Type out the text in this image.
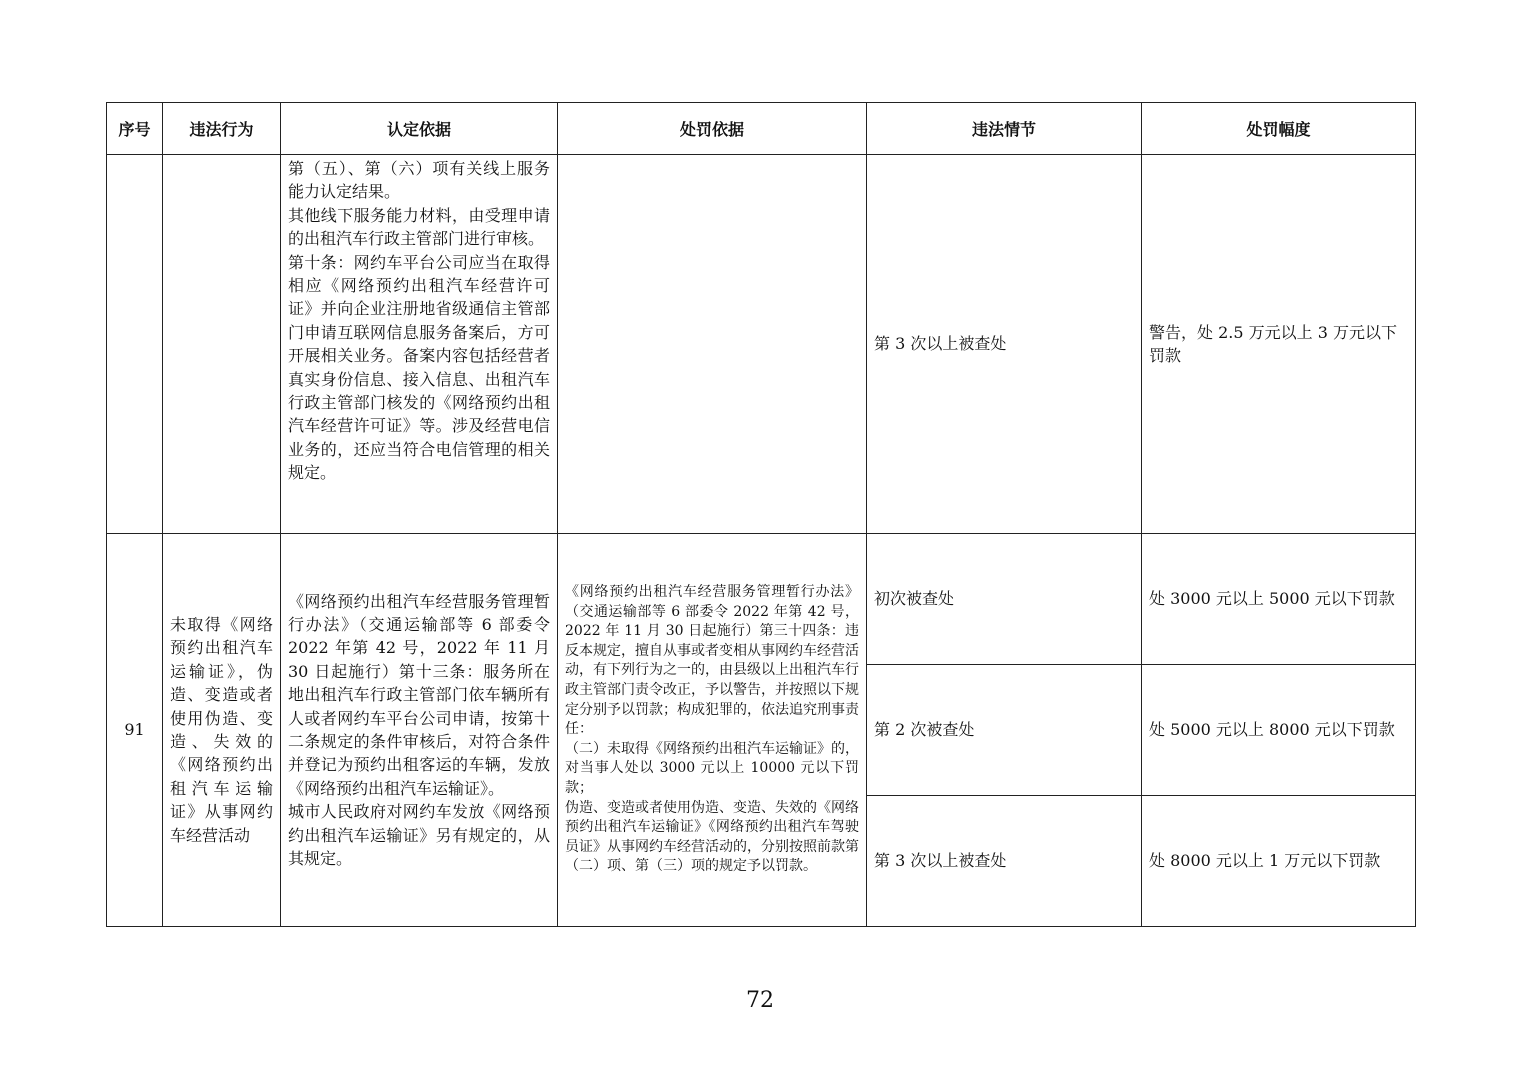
序号	违法行为	认定依据	处罚依据	违法情节	处罚幅度

		第（五）、第（六）项有关线上服务能力认定结果。
其他线下服务能力材料，由受理申请的出租汽车行政主管部门进行审核。
第十条：网约车平台公司应当在取得相应《网络预约出租汽车经营许可证》并向企业注册地省级通信主管部门申请互联网信息服务备案后，方可开展相关业务。备案内容包括经营者真实身份信息、接入信息、出租汽车行政主管部门核发的《网络预约出租汽车经营许可证》等。涉及经营电信业务的，还应当符合电信管理的相关规定。		第 3 次以上被查处	警告，处 2.5 万元以上 3 万元以下罚款
91	未取得《网络预约出租汽车运输证》，伪造、变造或者使用伪造、变造、失效的《网络预约出租汽车运输证》从事网约车经营活动	《网络预约出租汽车经营服务管理暂行办法》（交通运输部等 6 部委令 2022 年第 42 号，2022 年 11 月 30 日起施行）第十三条：服务所在地出租汽车行政主管部门依车辆所有人或者网约车平台公司申请，按第十二条规定的条件审核后，对符合条件并登记为预约出租客运的车辆，发放《网络预约出租汽车运输证》。
城市人民政府对网约车发放《网络预约出租汽车运输证》另有规定的，从其规定。	《网络预约出租汽车经营服务管理暂行办法》（交通运输部等 6 部委令 2022 年第 42 号，2022 年 11 月 30 日起施行）第三十四条：违反本规定，擅自从事或者变相从事网约车经营活动，有下列行为之一的，由县级以上出租汽车行政主管部门责令改正，予以警告，并按照以下规定分别予以罚款；构成犯罪的，依法追究刑事责任：
（二）未取得《网络预约出租汽车运输证》的，对当事人处以 3000 元以上 10000 元以下罚款；
伪造、变造或者使用伪造、变造、失效的《网络预约出租汽车运输证》《网络预约出租汽车驾驶员证》从事网约车经营活动的，分别按照前款第（二）项、第（三）项的规定予以罚款。	初次被查处	处 3000 元以上 5000 元以下罚款
				第 2 次被查处	处 5000 元以上 8000 元以下罚款
				第 3 次以上被查处	处 8000 元以上 1 万元以下罚款
72
